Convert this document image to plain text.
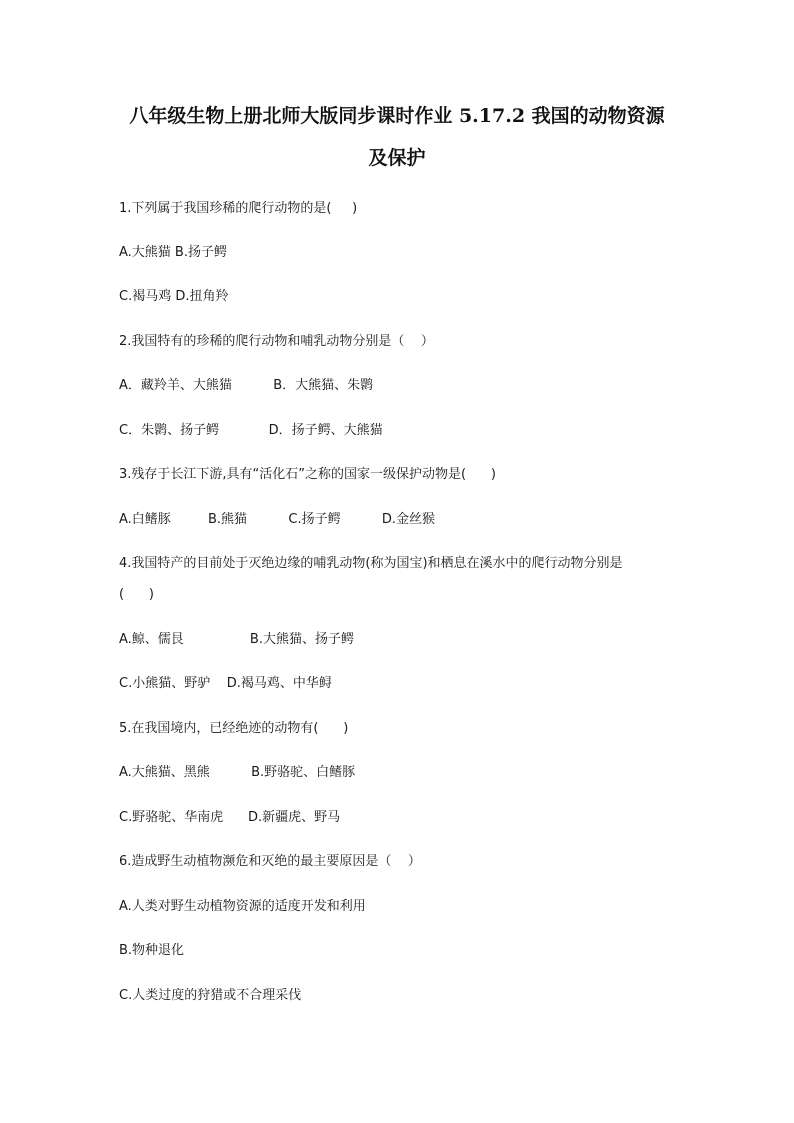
八年级生物上册北师大版同步课时作业 5.17.2 我国的动物资源
及保护
1.下列属于我国珍稀的爬行动物的是(     )
A.大熊猫 B.扬子鳄
C.褐马鸡 D.扭角羚
2.我国特有的珍稀的爬行动物和哺乳动物分别是（    ）
A．藏羚羊、大熊猫          B．大熊猫、朱鹮
C．朱鹮、扬子鳄            D．扬子鳄、大熊猫
3.残存于长江下游,具有“活化石”之称的国家一级保护动物是(      )
A.白鳍豚         B.熊猫          C.扬子鳄          D.金丝猴
4.我国特产的目前处于灭绝边缘的哺乳动物(称为国宝)和栖息在溪水中的爬行动物分别是
(      )
A.鲸、儒艮                B.大熊猫、扬子鳄
C.小熊猫、野驴    D.褐马鸡、中华鲟
5.在我国境内，已经绝迹的动物有(      )
A.大熊猫、黑熊          B.野骆驼、白鳍豚
C.野骆驼、华南虎      D.新疆虎、野马
6.造成野生动植物濒危和灭绝的最主要原因是（    ）
A.人类对野生动植物资源的适度开发和利用
B.物种退化
C.人类过度的狩猎或不合理采伐
